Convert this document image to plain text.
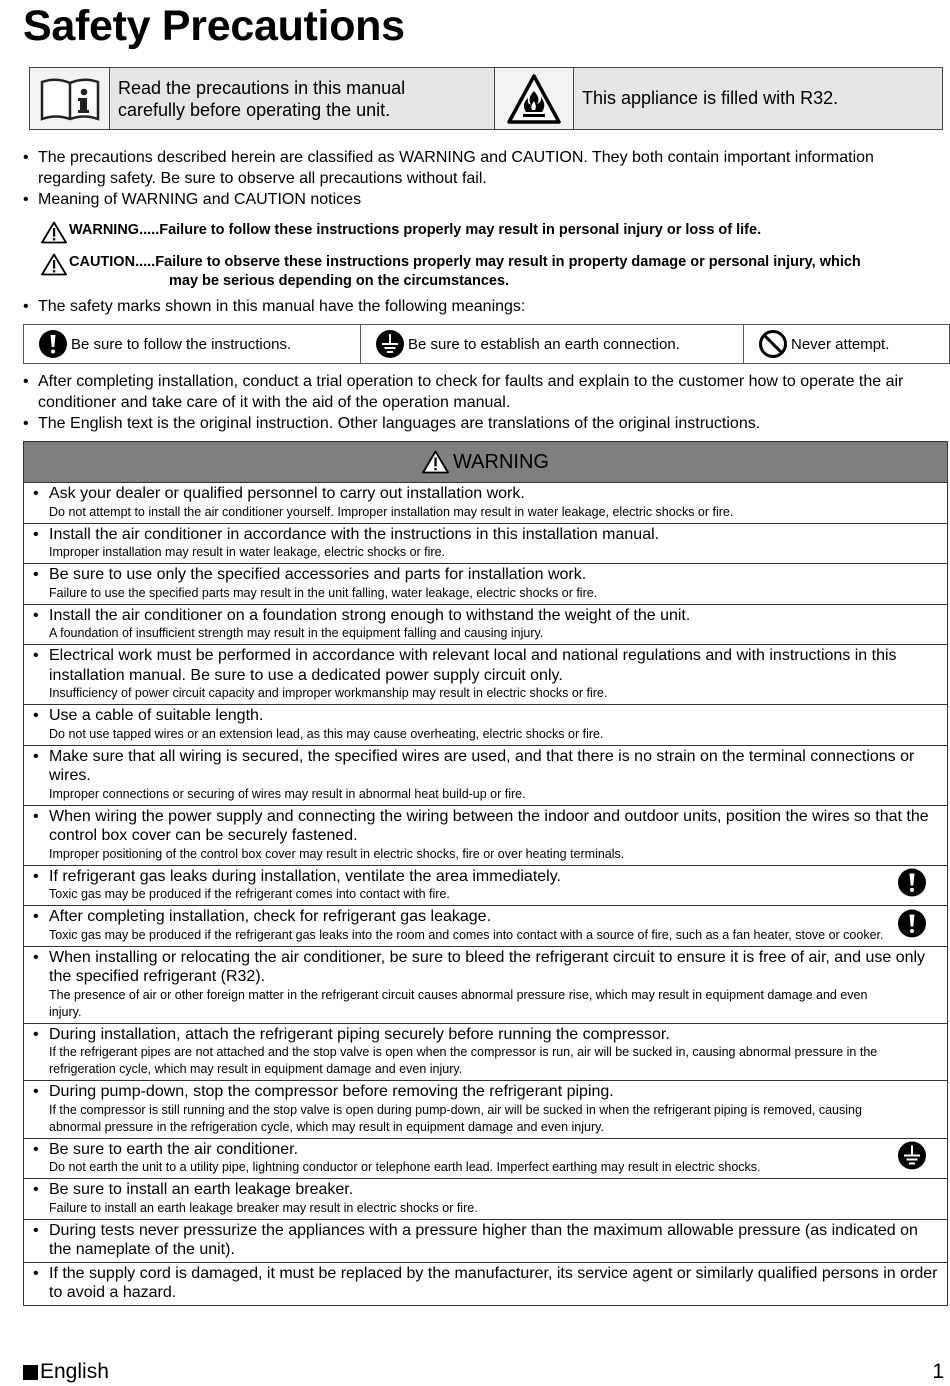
Safety Precautions
Read the precautions in this manual
carefully before operating the unit.
This appliance is filled with R32.
• The precautions described herein are classified as WARNING and CAUTION. They both contain important information regarding safety. Be sure to observe all precautions without fail.
• Meaning of WARNING and CAUTION notices
WARNING .....Failure to follow these instructions properly may result in personal injury or loss of life.
CAUTION.....Failure to observe these instructions properly may result in property damage or personal injury, which
may be serious depending on the circumstances.
• The safety marks shown in this manual have the following meanings:
Be sure to follow the instructions.	Be sure to establish an earth connection.	Never attempt.
• After completing installation, conduct a trial operation to check for faults and explain to the customer how to operate the air conditioner and take care of it with the aid of the operation manual.
• The English text is the original instruction. Other languages are translations of the original instructions.
WARNING
• Ask your dealer or qualified personnel to carry out installation work.
Do not attempt to install the air conditioner yourself. Improper installation may result in water leakage, electric shocks or fire.
• Install the air conditioner in accordance with the instructions in this installation manual.
Improper installation may result in water leakage, electric shocks or fire.
• Be sure to use only the specified accessories and parts for installation work.
Failure to use the specified parts may result in the unit falling, water leakage, electric shocks or fire.
• Install the air conditioner on a foundation strong enough to withstand the weight of the unit.
A foundation of insufficient strength may result in the equipment falling and causing injury.
• Electrical work must be performed in accordance with relevant local and national regulations and with instructions in this installation manual. Be sure to use a dedicated power supply circuit only.
Insufficiency of power circuit capacity and improper workmanship may result in electric shocks or fire.
• Use a cable of suitable length.
Do not use tapped wires or an extension lead, as this may cause overheating, electric shocks or fire.
• Make sure that all wiring is secured, the specified wires are used, and that there is no strain on the terminal connections or wires.
Improper connections or securing of wires may result in abnormal heat build-up or fire.
• When wiring the power supply and connecting the wiring between the indoor and outdoor units, position the wires so that the control box cover can be securely fastened.
Improper positioning of the control box cover may result in electric shocks, fire or over heating terminals.
• If refrigerant gas leaks during installation, ventilate the area immediately.
Toxic gas may be produced if the refrigerant comes into contact with fire.
• After completing installation, check for refrigerant gas leakage.
Toxic gas may be produced if the refrigerant gas leaks into the room and comes into contact with a source of fire, such as a fan heater, stove or cooker.
• When installing or relocating the air conditioner, be sure to bleed the refrigerant circuit to ensure it is free of air, and use only the specified refrigerant (R32).
The presence of air or other foreign matter in the refrigerant circuit causes abnormal pressure rise, which may result in equipment damage and even injury.
• During installation, attach the refrigerant piping securely before running the compressor.
If the refrigerant pipes are not attached and the stop valve is open when the compressor is run, air will be sucked in, causing abnormal pressure in the refrigeration cycle, which may result in equipment damage and even injury.
• During pump-down, stop the compressor before removing the refrigerant piping.
If the compressor is still running and the stop valve is open during pump-down, air will be sucked in when the refrigerant piping is removed, causing abnormal pressure in the refrigeration cycle, which may result in equipment damage and even injury.
• Be sure to earth the air conditioner.
Do not earth the unit to a utility pipe, lightning conductor or telephone earth lead. Imperfect earthing may result in electric shocks.
• Be sure to install an earth leakage breaker.
Failure to install an earth leakage breaker may result in electric shocks or fire.
• During tests never pressurize the appliances with a pressure higher than the maximum allowable pressure (as indicated on the nameplate of the unit).
• If the supply cord is damaged, it must be replaced by the manufacturer, its service agent or similarly qualified persons in order to avoid a hazard.
English	1
